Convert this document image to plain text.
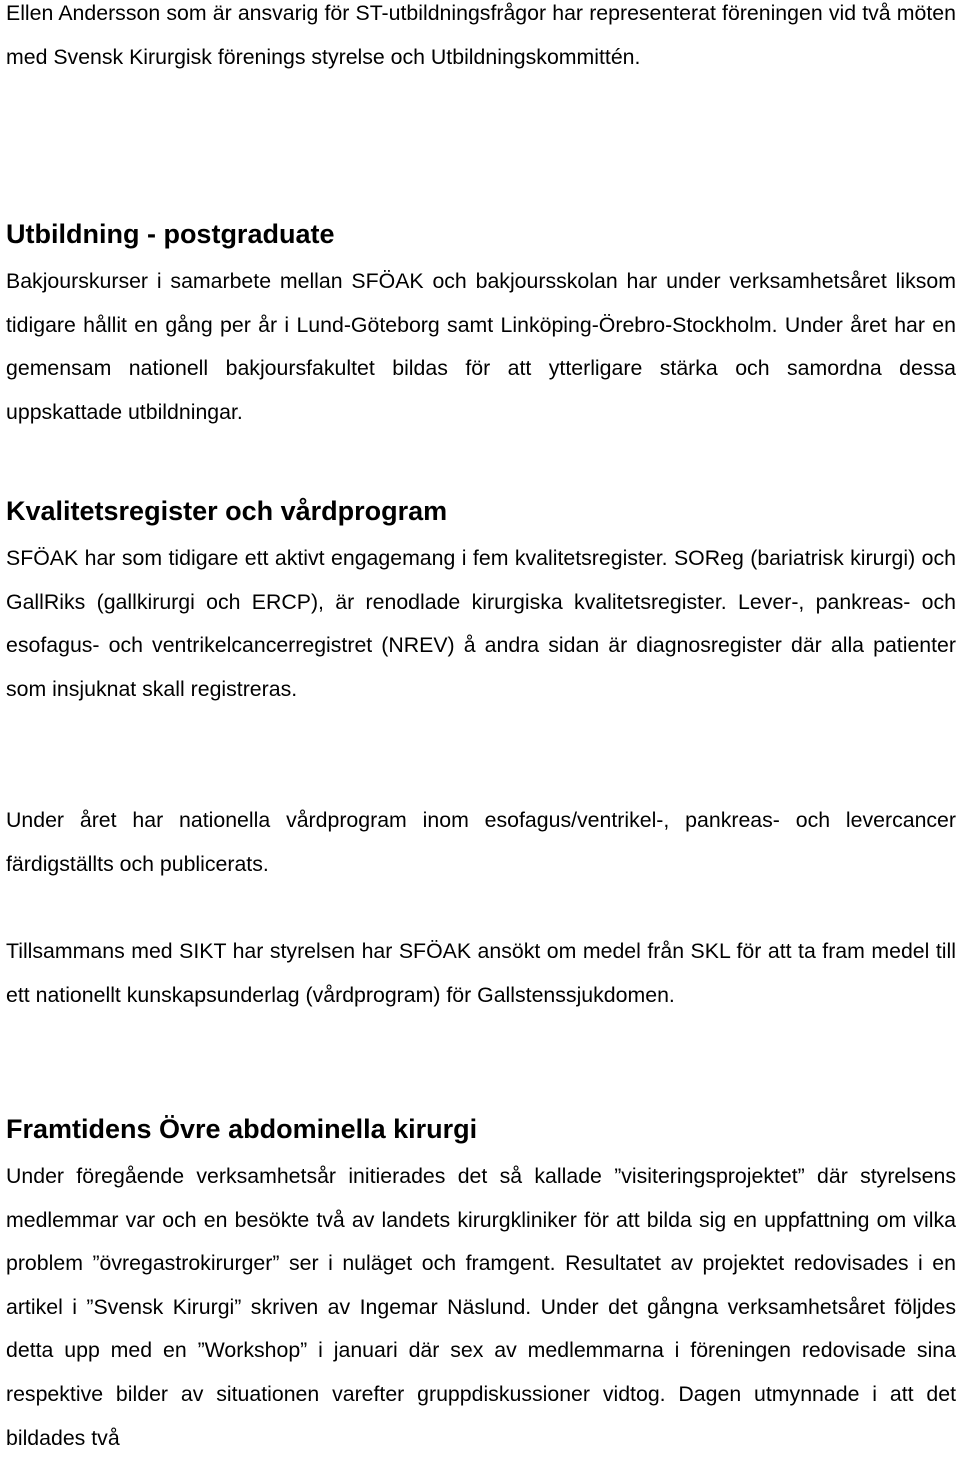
Ellen Andersson som är ansvarig för ST-utbildningsfrågor har representerat föreningen vid två möten med Svensk Kirurgisk förenings styrelse och Utbildningskommittén.

Utbildning - postgraduate

Bakjourskurser i samarbete mellan SFÖAK och bakjoursskolan har under verksamhetsåret liksom tidigare hållit en gång per år i Lund-Göteborg samt Linköping-Örebro-Stockholm. Under året har en gemensam nationell bakjoursfakultet bildas för att ytterligare stärka och samordna dessa uppskattade utbildningar.

Kvalitetsregister och vårdprogram

SFÖAK har som tidigare ett aktivt engagemang i fem kvalitetsregister. SOReg (bariatrisk kirurgi) och GallRiks (gallkirurgi och ERCP), är renodlade kirurgiska kvalitetsregister. Lever-, pankreas- och esofagus- och ventrikelcancerregistret (NREV) å andra sidan är diagnosregister där alla patienter som insjuknat skall registreras.

Under året har nationella vårdprogram inom esofagus/ventrikel-, pankreas- och levercancer färdigställts och publicerats.

Tillsammans med SIKT har styrelsen har SFÖAK ansökt om medel från SKL för att ta fram medel till ett nationellt kunskapsunderlag (vårdprogram) för Gallstenssjukdomen.

Framtidens Övre abdominella kirurgi

Under föregående verksamhetsår initierades det så kallade ”visiteringsprojektet” där styrelsens medlemmar var och en besökte två av landets kirurgkliniker för att bilda sig en uppfattning om vilka problem ”övregastrokirurger” ser i nuläget och framgent. Resultatet av projektet redovisades i en artikel i ”Svensk Kirurgi” skriven av Ingemar Näslund. Under det gångna verksamhetsåret följdes detta upp med en ”Workshop” i januari där sex av medlemmarna i föreningen redovisade sina respektive bilder av situationen varefter gruppdiskussioner vidtog. Dagen utmynnade i att det bildades två
